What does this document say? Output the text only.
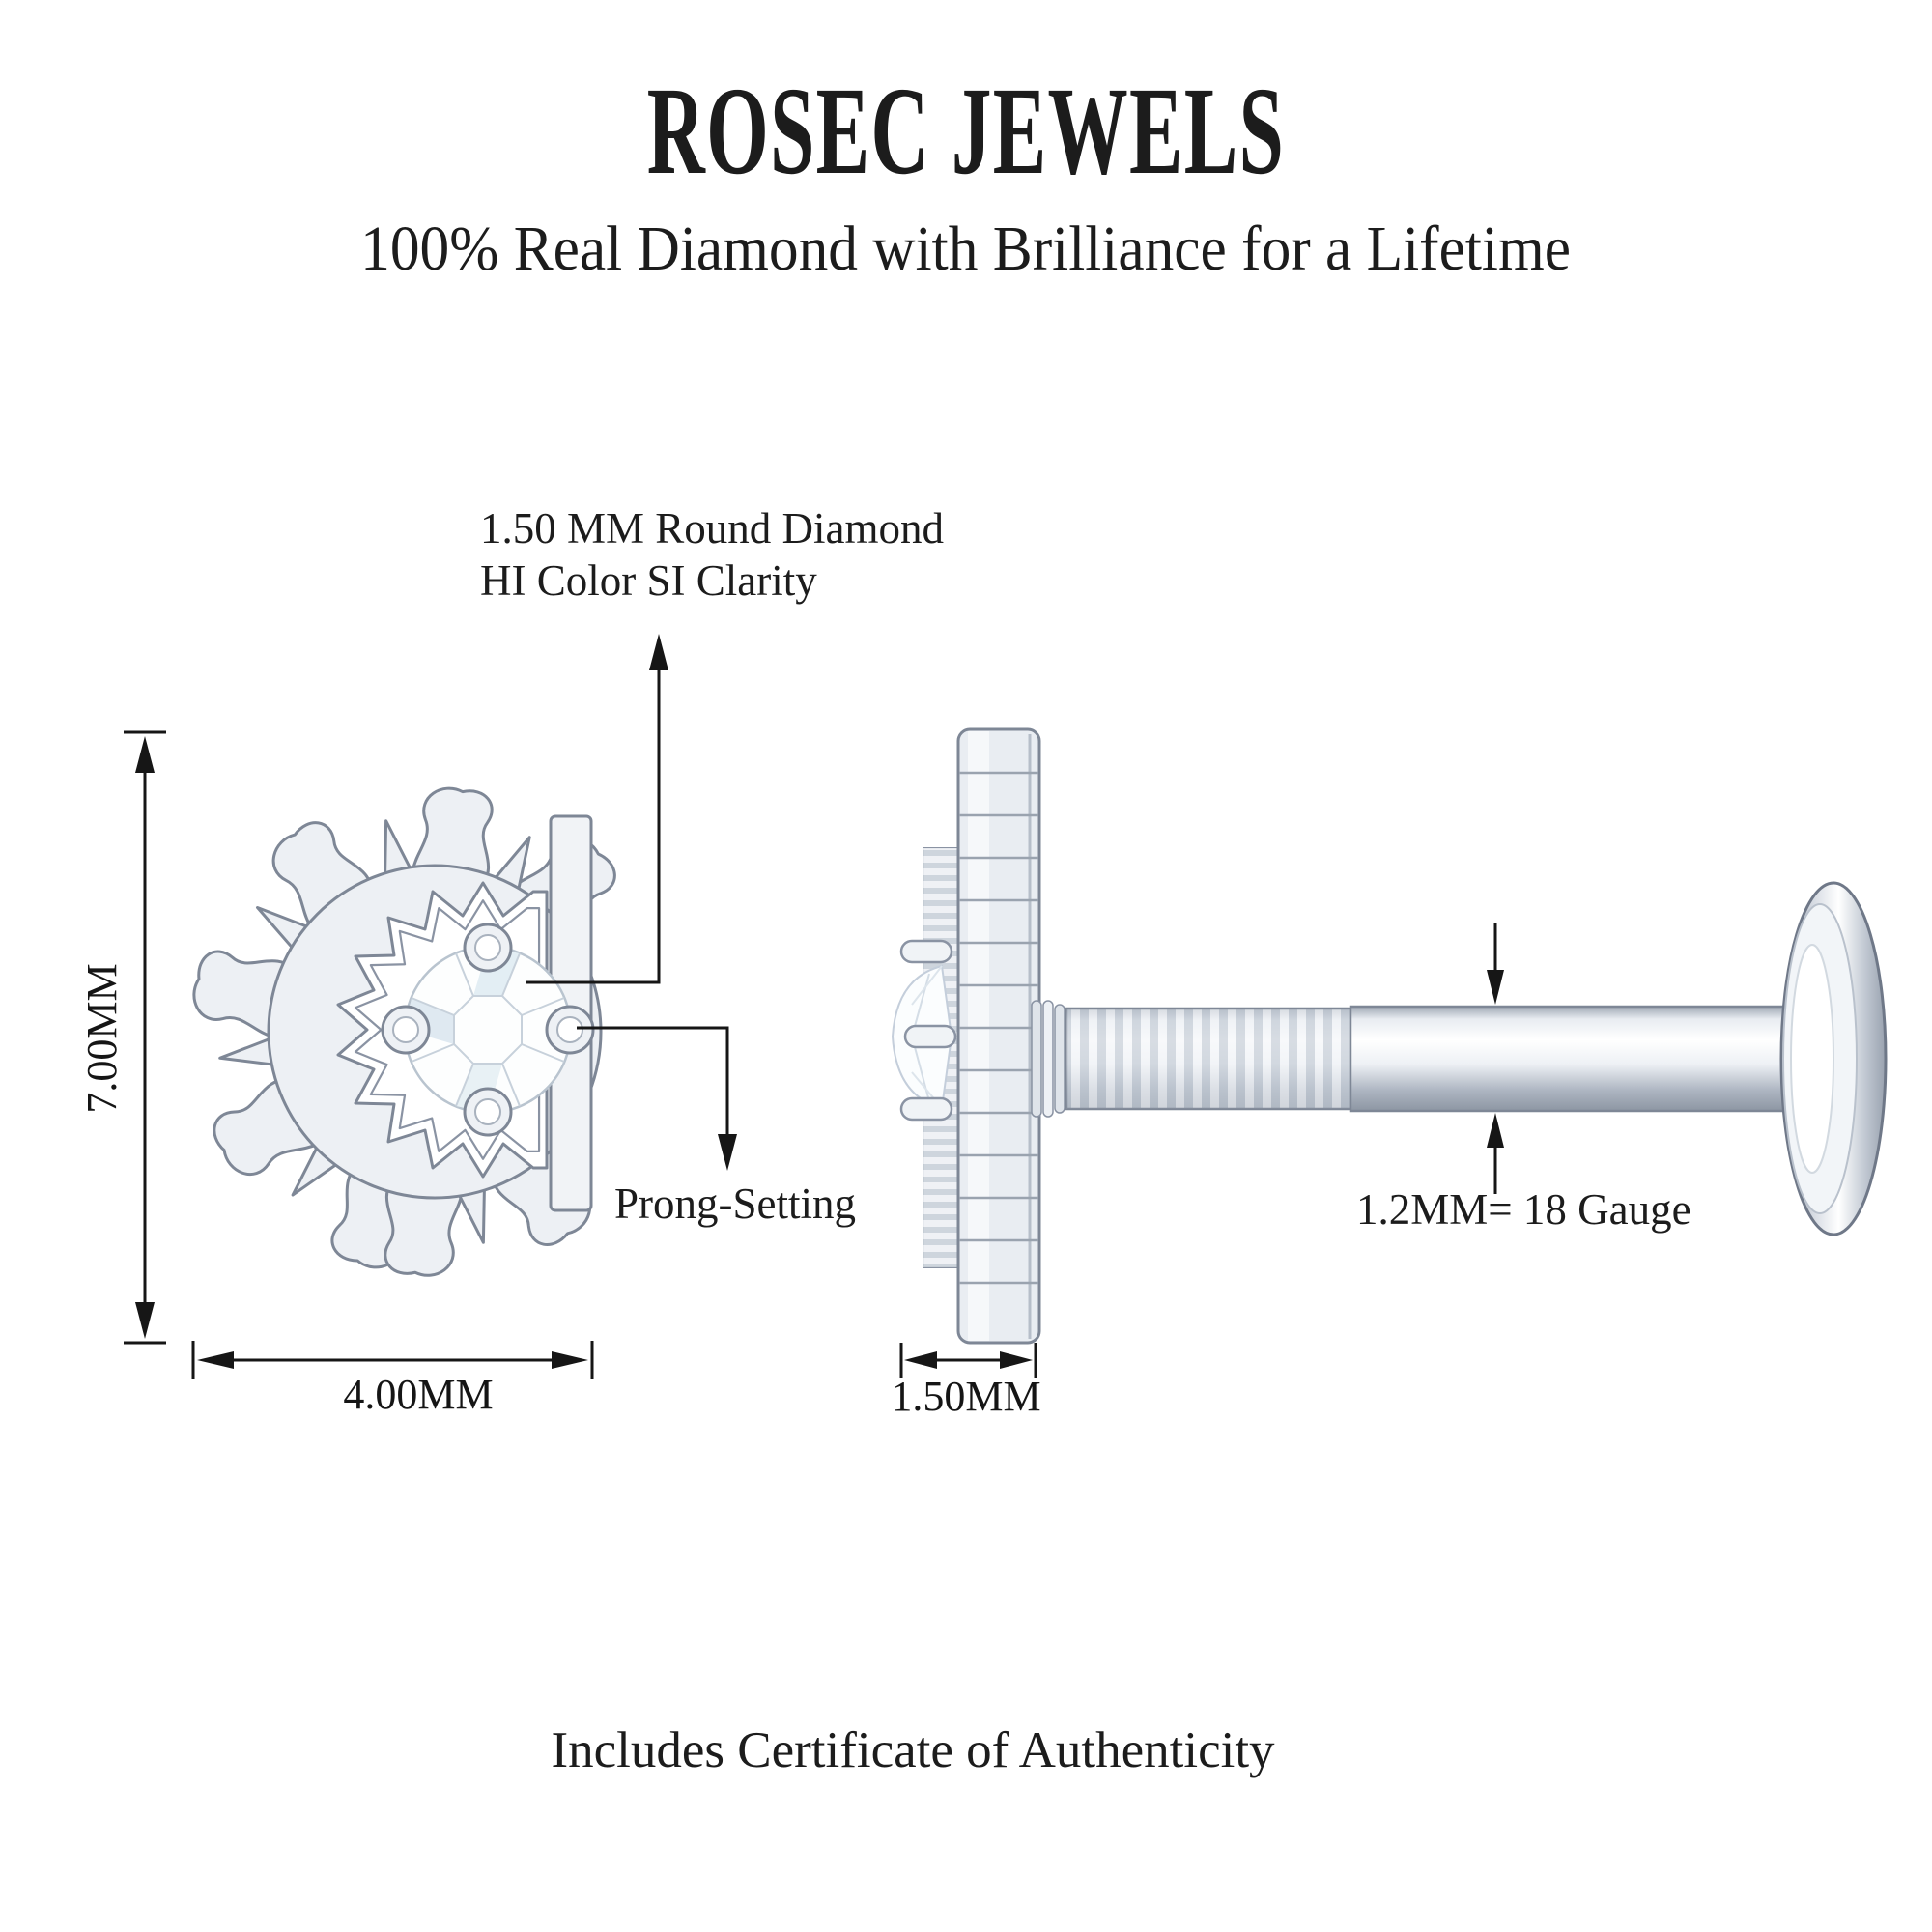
ROSEC JEWELS
100% Real Diamond with Brilliance for a Lifetime
1.50 MM Round Diamond
HI Color SI Clarity
Prong-Setting	1.2MM= 18 Gauge
7.00MM
4.00MM	1.50MM
Includes Certificate of Authenticity
